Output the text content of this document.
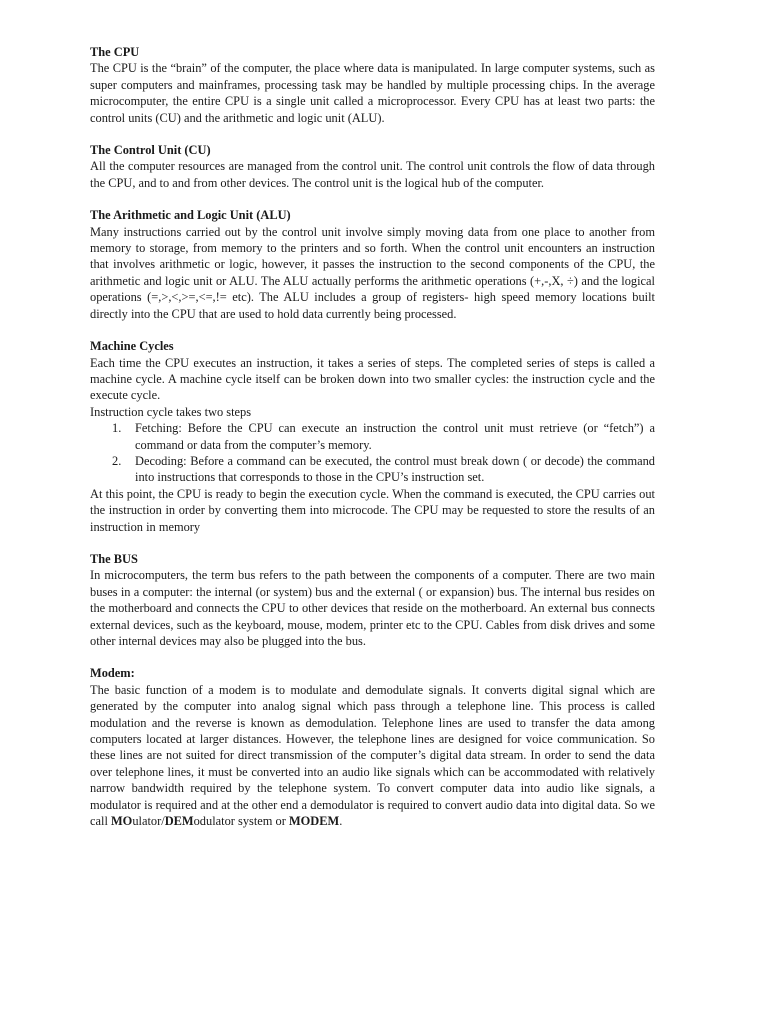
The CPU

The CPU is the “brain” of the computer, the place where data is manipulated. In large computer systems, such as super computers and mainframes, processing task may be handled by multiple processing chips. In the average microcomputer, the entire CPU is a single unit called a microprocessor. Every CPU has at least two parts: the control units (CU) and the arithmetic and logic unit (ALU).

The Control Unit (CU)

All the computer resources are managed from the control unit. The control unit controls the flow of data through the CPU, and to and from other devices. The control unit is the logical hub of the computer.

The Arithmetic and Logic Unit (ALU)

Many instructions carried out by the control unit involve simply moving data from one place to another from memory to storage, from memory to the printers and so forth. When the control unit encounters an instruction that involves arithmetic or logic, however, it passes the instruction to the second components of the CPU, the arithmetic and logic unit or ALU. The ALU actually performs the arithmetic operations (+,-,X, ÷) and the logical operations (=,>,<,>=,<=,!= etc). The ALU includes a group of registers- high speed memory locations built directly into the CPU that are used to hold data currently being processed.

Machine Cycles

Each time the CPU executes an instruction, it takes a series of steps. The completed series of steps is called a machine cycle. A machine cycle itself can be broken down into two smaller cycles: the instruction cycle and the execute cycle.

Instruction cycle takes two steps

Fetching: Before the CPU can execute an instruction the control unit must retrieve (or “fetch”) a command or data from the computer’s memory.
Decoding: Before a command can be executed, the control must break down ( or decode) the command into instructions that corresponds to those in the CPU’s instruction set.

At this point, the CPU is ready to begin the execution cycle. When the command is executed, the CPU carries out the instruction in order by converting them into microcode. The CPU may be requested to store the results of an instruction in memory

The BUS

In microcomputers, the term bus refers to the path between the components of a computer. There are two main buses in a computer: the internal (or system) bus and the external ( or expansion) bus. The internal bus resides on the motherboard and connects the CPU to other devices that reside on the motherboard. An external bus connects external devices, such as the keyboard, mouse, modem, printer etc to the CPU. Cables from disk drives and some other internal devices may also be plugged into the bus.

Modem:

The basic function of a modem is to modulate and demodulate signals. It converts digital signal which are generated by the computer into analog signal which pass through a telephone line. This process is called modulation and the reverse is known as demodulation. Telephone lines are used to transfer the data among computers located at larger distances. However, the telephone lines are designed for voice communication. So these lines are not suited for direct transmission of the computer’s digital data stream. In order to send the data over telephone lines, it must be converted into an audio like signals which can be accommodated with relatively narrow bandwidth required by the telephone system. To convert computer data into audio like signals, a modulator is required and at the other end a demodulator is required to convert audio data into digital data. So we call MOulator/DEModulator system or MODEM.
